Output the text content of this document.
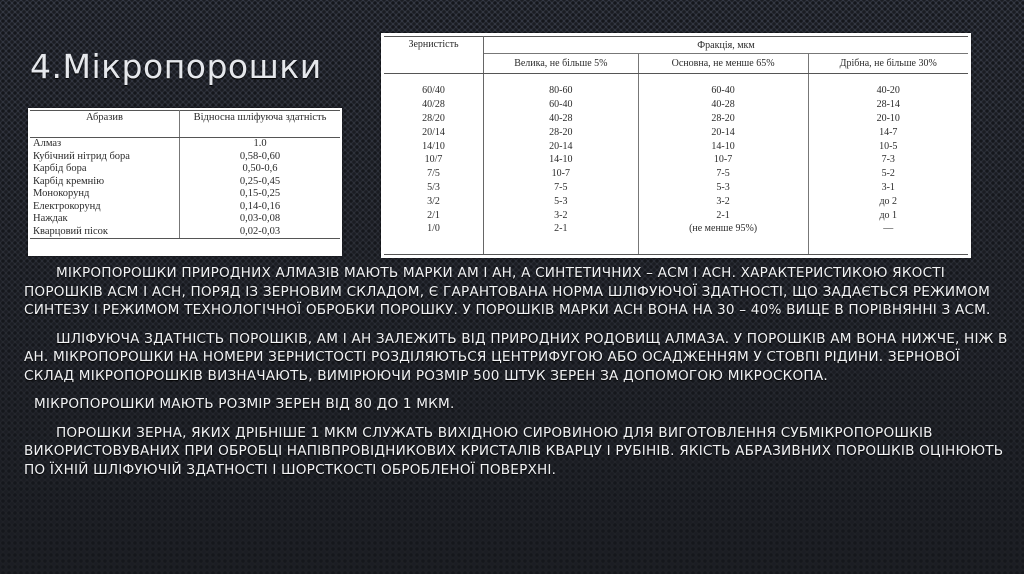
4.Мікропорошки
Абразив	Відносна шліфуюча здатність
Алмаз	1.0
Кубічний нітрид бора	0,58-0,60
Карбід бора	0,50-0,6
Карбід кремнію	0,25-0,45
Монокорунд	0,15-0,25
Електрокорунд	0,14-0,16
Наждак	0,03-0,08
Кварцовий пісок	0,02-0,03
Зернистість	Фракція, мкм		
	Велика, не більше 5%	Основна, не менше 65%	Дрібна, не більше 30%

60/40	80-60	60-40	40-20
40/28	60-40	40-28	28-14
28/20	40-28	28-20	20-10
20/14	28-20	20-14	14-7
14/10	20-14	14-10	10-5
10/7	14-10	10-7	7-3
7/5	10-7	7-5	5-2
5/3	7-5	5-3	3-1
3/2	5-3	3-2	до 2
2/1	3-2	2-1	до 1
1/0	2-1	(не менше 95%)	—

МІКРОПОРОШКИ ПРИРОДНИХ АЛМАЗІВ МАЮТЬ МАРКИ АМ І АН, А СИНТЕТИЧНИХ – АСМ І АСН. ХАРАКТЕРИСТИКОЮ ЯКОСТІ ПОРОШКІВ АСМ І АСН, ПОРЯД ІЗ ЗЕРНОВИМ СКЛАДОМ, Є ГАРАНТОВАНА НОРМА ШЛІФУЮЧОЇ ЗДАТНОСТІ, ЩО ЗАДАЄТЬСЯ РЕЖИМОМ СИНТЕЗУ І РЕЖИМОМ ТЕХНОЛОГІЧНОЇ ОБРОБКИ ПОРОШКУ. У ПОРОШКІВ МАРКИ АСН ВОНА НА 30 – 40% ВИЩЕ В ПОРІВНЯННІ З АСМ.

ШЛІФУЮЧА ЗДАТНІСТЬ ПОРОШКІВ, АМ І АН ЗАЛЕЖИТЬ ВІД ПРИРОДНИХ РОДОВИЩ АЛМАЗА. У ПОРОШКІВ АМ ВОНА НИЖЧЕ, НІЖ В АН. МІКРОПОРОШКИ НА НОМЕРИ ЗЕРНИСТОСТІ РОЗДІЛЯЮТЬСЯ ЦЕНТРИФУГОЮ АБО ОСАДЖЕННЯМ У СТОВПІ РІДИНИ. ЗЕРНОВОЇ СКЛАД МІКРОПОРОШКІВ ВИЗНАЧАЮТЬ, ВИМІРЮЮЧИ РОЗМІР 500 ШТУК ЗЕРЕН ЗА ДОПОМОГОЮ МІКРОСКОПА.

МІКРОПОРОШКИ МАЮТЬ РОЗМІР ЗЕРЕН ВІД 80 ДО 1 МКМ.

ПОРОШКИ ЗЕРНА, ЯКИХ ДРІБНІШЕ 1 МКМ СЛУЖАТЬ ВИХІДНОЮ СИРОВИНОЮ ДЛЯ ВИГОТОВЛЕННЯ СУБМІКРОПОРОШКІВ ВИКОРИСТОВУВАНИХ ПРИ ОБРОБЦІ НАПІВПРОВІДНИКОВИХ КРИСТАЛІВ КВАРЦУ І РУБІНІВ. ЯКІСТЬ АБРАЗИВНИХ ПОРОШКІВ ОЦІНЮЮТЬ ПО ЇХНІЙ ШЛІФУЮЧІЙ ЗДАТНОСТІ І ШОРСТКОСТІ ОБРОБЛЕНОЇ ПОВЕРХНІ.
